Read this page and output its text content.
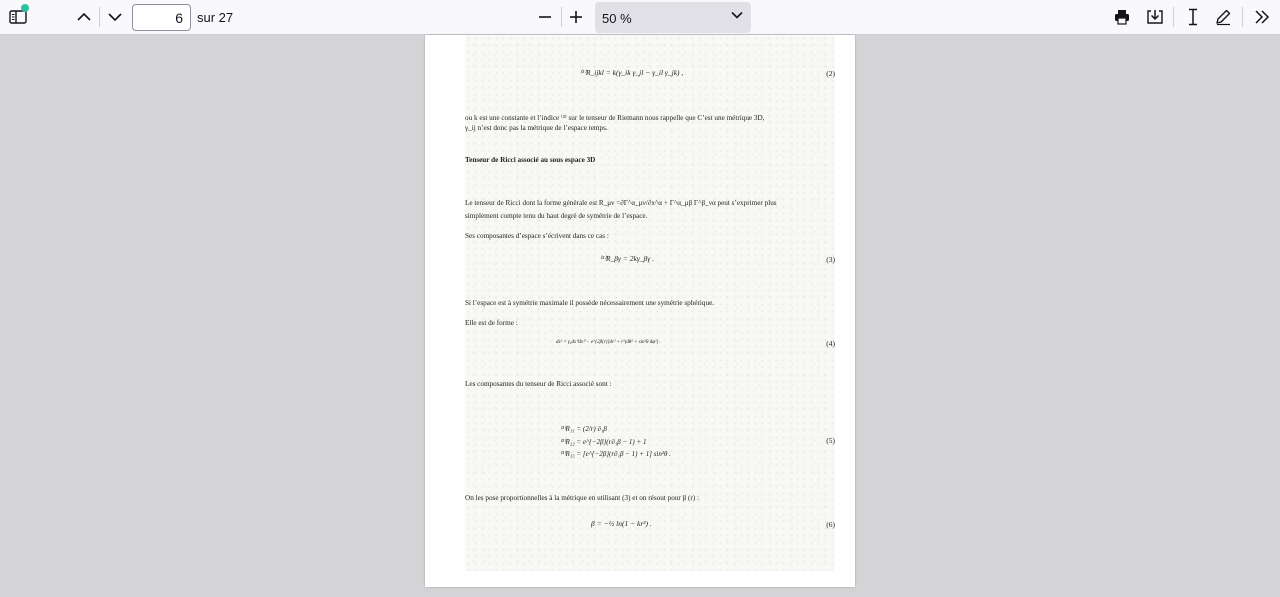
6
sur 27	50 %
⁽³⁾R_ijkl = k(γ_ik γ_jl − γ_il γ_jk) ,	(2)
ou k est une constante et l’indice ⁽³⁾ sur le tenseur de Riemann nous rappelle que C’est une métrique 3D,
γ_ij n’est donc pas la métrique de l’espace temps.
Tenseur de Ricci associé au sous espace 3D
Le tenseur de Ricci dont la forme générale est R_μν =∂Γ^α_μν/∂x^α + Γ^α_μβ Γ^β_να peut s’exprimer plus
simplement compte tenu du haut degré de symétrie de l’espace.
Ses composantes d’espace s’écrivent dans ce cas :
⁽³⁾R_βγ = 2kγ_βγ .	(3)
Si l’espace est à symétrie maximale il possède nécessairement une symétrie sphérique.
Elle est de forme :
ds² = γ₀dx⁰dx⁰ − e^{2β(r)}dr² + r²(dθ² + sin²θ dφ²) .	(4)
Les composantes du tenseur de Ricci associé sont :
⁽³⁾R₁₁ = (2/r) ∂₁β
⁽³⁾R₂₂ = e^{−2β}(r∂₁β − 1) + 1
⁽³⁾R₃₃ = [e^{−2β}(r∂₁β − 1) + 1] sin²θ .
(5)
On les pose proportionnelles à la métrique en utilisant (3) et on résout pour β (r) :
β = −½ ln(1 − kr²) .	(6)
